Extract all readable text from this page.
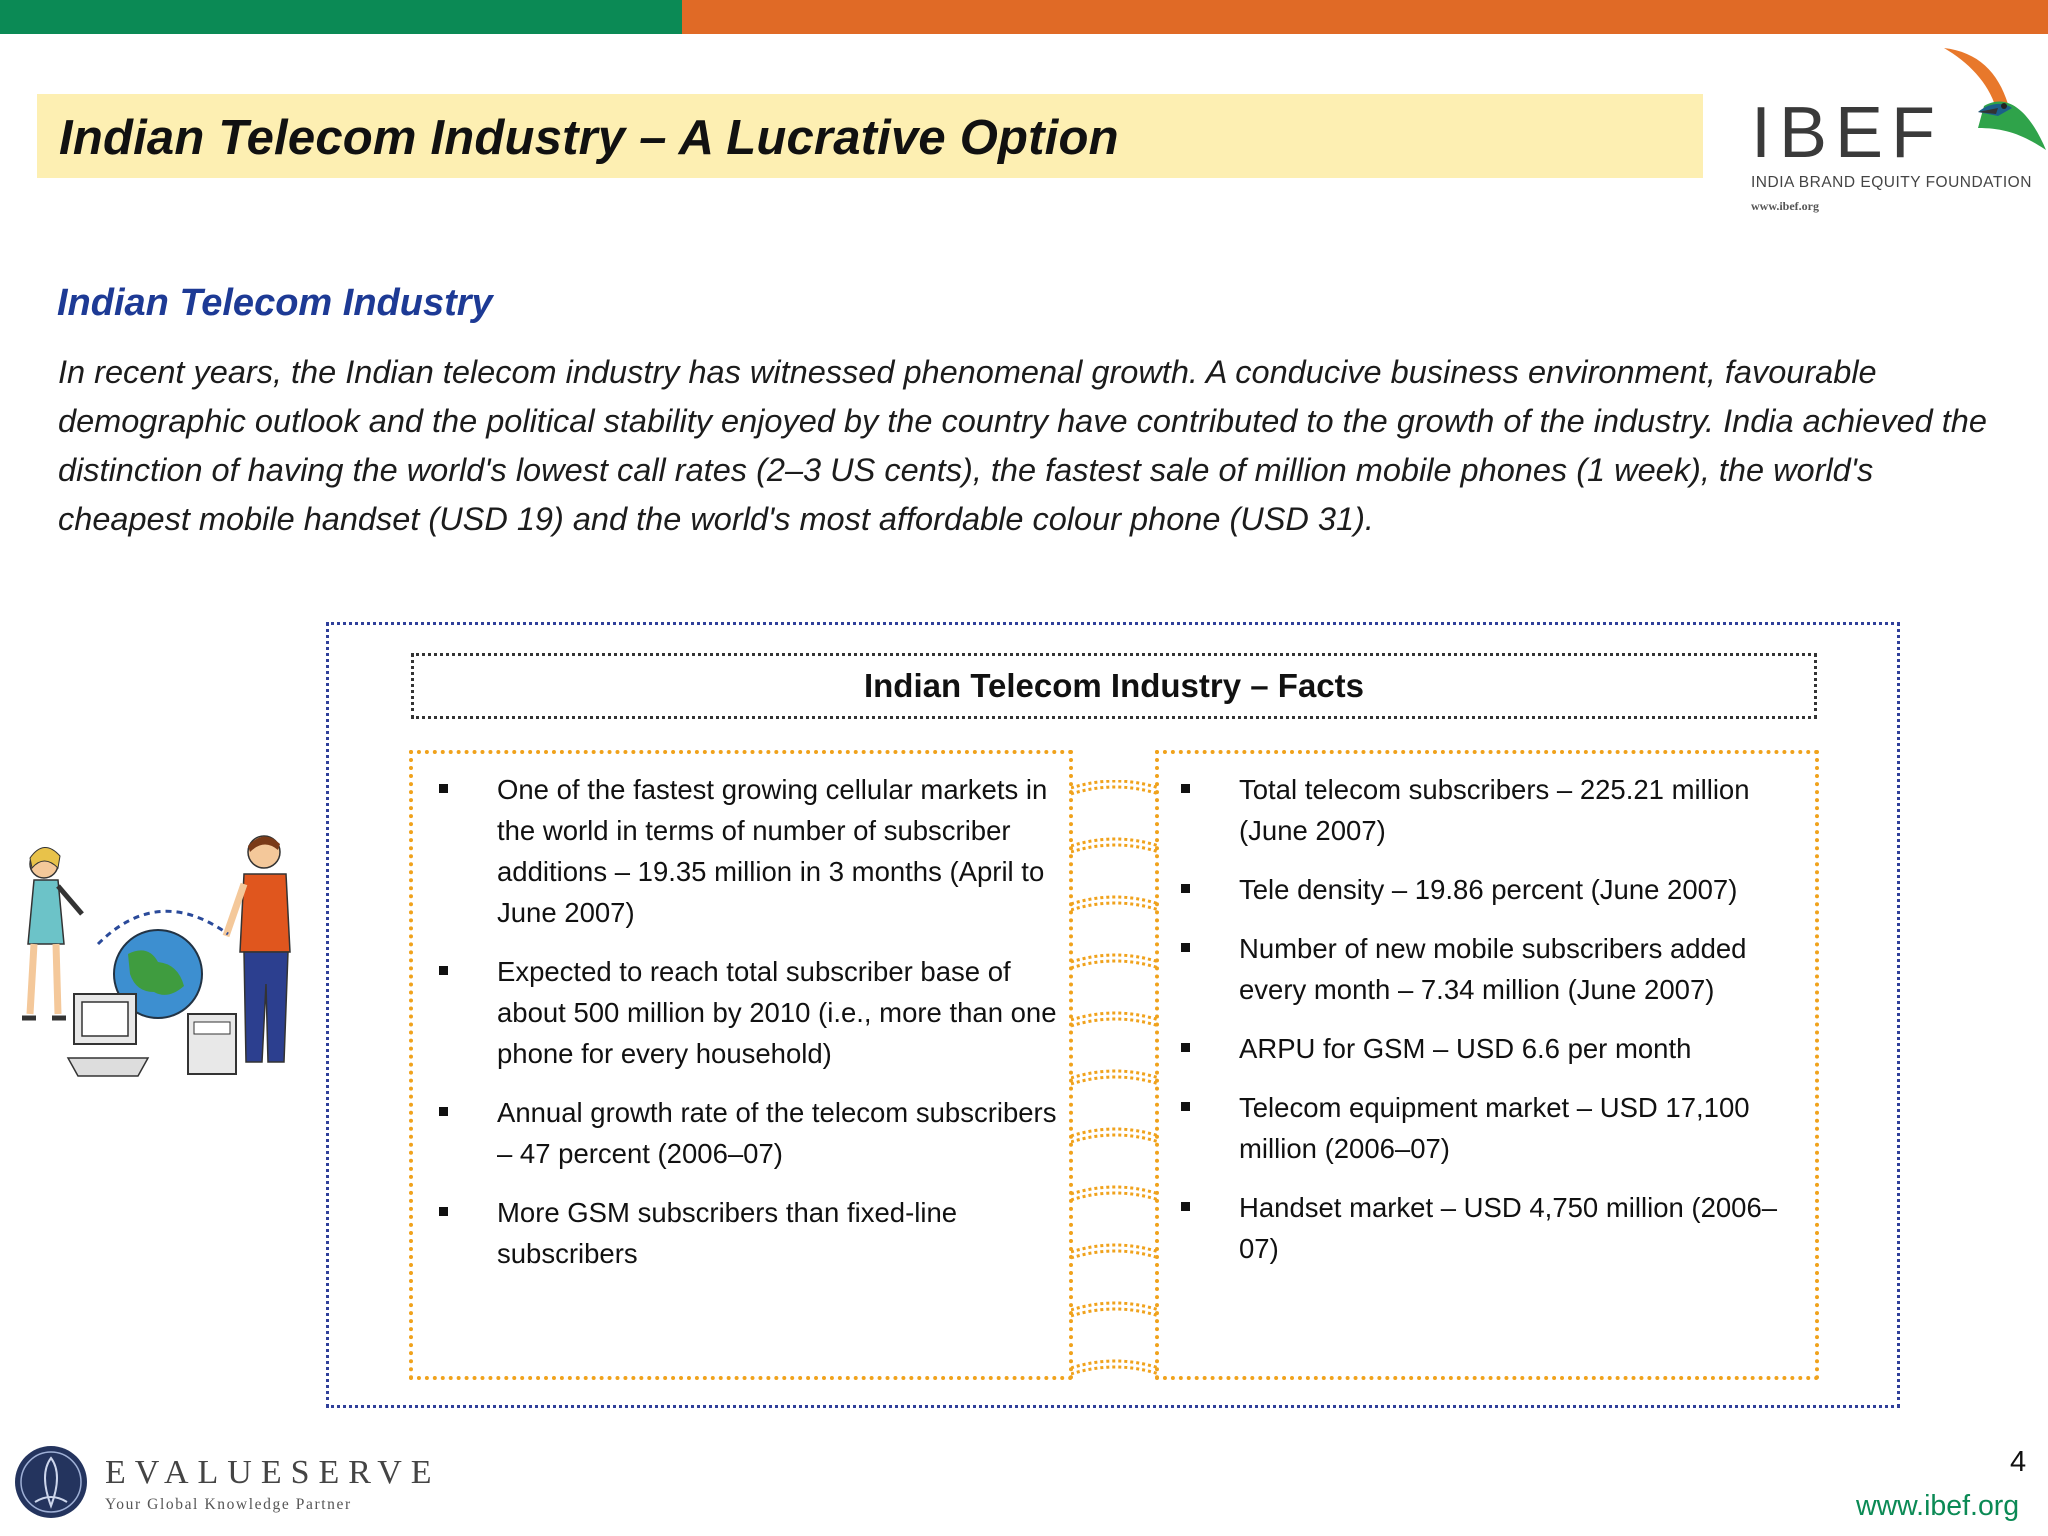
Indian Telecom Industry – A Lucrative Option	IBEF
INDIA BRAND EQUITY FOUNDATION
www.ibef.org
Indian Telecom Industry

In recent years, the Indian telecom industry has witnessed phenomenal growth. A conducive business environment, favourable demographic outlook and the political stability enjoyed by the country have contributed to the growth of the industry. India achieved the distinction of having the world's lowest call rates (2–3 US cents), the fastest sale of million mobile phones (1 week), the world's cheapest mobile handset (USD 19) and the world's most affordable colour phone (USD 31).

Indian Telecom Industry – Facts
One of the fastest growing cellular markets in the world in terms of number of subscriber additions – 19.35 million in 3 months (April to June 2007)
Expected to reach total subscriber base of about 500 million by 2010 (i.e., more than one phone for every household)
Annual growth rate of the telecom subscribers – 47 percent (2006–07)
More GSM subscribers than fixed-line subscribers
Total telecom subscribers – 225.21 million (June 2007)
Tele density – 19.86 percent (June 2007)
Number of new mobile subscribers added every month – 7.34 million (June 2007)
ARPU for GSM – USD 6.6 per month
Telecom equipment market – USD 17,100 million (2006–07)
Handset market – USD 4,750 million (2006–07)
EVALUESERVE
Your Global Knowledge Partner
4
www.ibef.org
